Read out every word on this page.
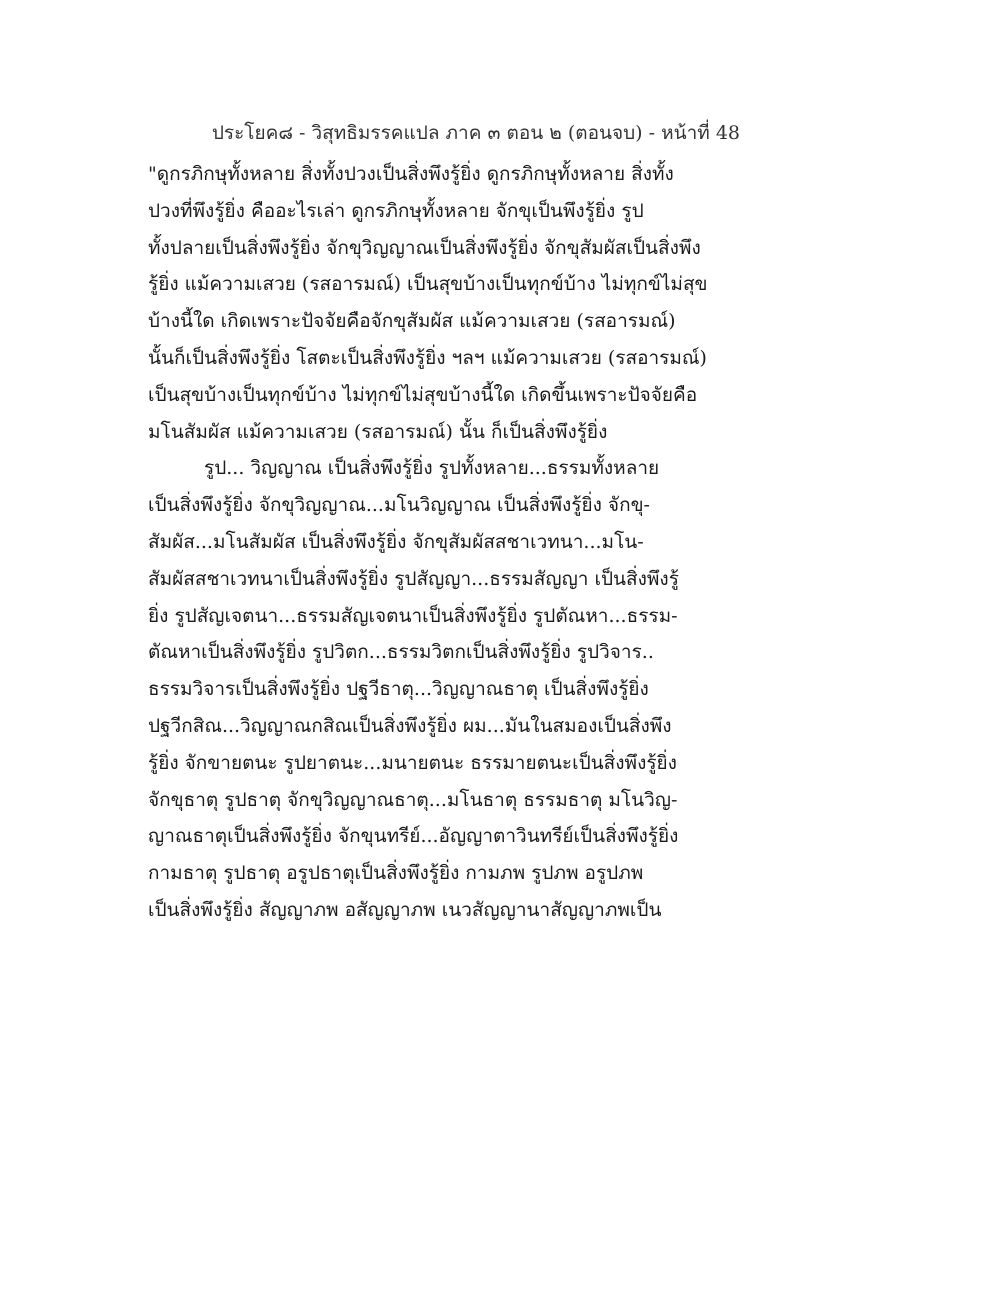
ประโยค๘ - วิสุทธิมรรคแปล ภาค ๓ ตอน ๒ (ตอนจบ) - หน้าที่ 48
"ดูกรภิกษุทั้งหลาย สิ่งทั้งปวงเป็นสิ่งพึงรู้ยิ่ง ดูกรภิกษุทั้งหลาย สิ่งทั้ง
ปวงที่พึงรู้ยิ่ง คืออะไรเล่า ดูกรภิกษุทั้งหลาย จักขุเป็นพึงรู้ยิ่ง รูป
ทั้งปลายเป็นสิ่งพึงรู้ยิ่ง จักขุวิญญาณเป็นสิ่งพึงรู้ยิ่ง จักขุสัมผัสเป็นสิ่งพึง
รู้ยิ่ง แม้ความเสวย (รสอารมณ์) เป็นสุขบ้างเป็นทุกข์บ้าง ไม่ทุกข์ไม่สุข
บ้างนี้ใด เกิดเพราะปัจจัยคือจักขุสัมผัส แม้ความเสวย (รสอารมณ์)
นั้นก็เป็นสิ่งพึงรู้ยิ่ง โสตะเป็นสิ่งพึงรู้ยิ่ง ฯลฯ แม้ความเสวย (รสอารมณ์)
เป็นสุขบ้างเป็นทุกข์บ้าง ไม่ทุกข์ไม่สุขบ้างนี้ใด เกิดขึ้นเพราะปัจจัยคือ
มโนสัมผัส แม้ความเสวย (รสอารมณ์) นั้น ก็เป็นสิ่งพึงรู้ยิ่ง
รูป... วิญญาณ เป็นสิ่งพึงรู้ยิ่ง รูปทั้งหลาย...ธรรมทั้งหลาย
เป็นสิ่งพึงรู้ยิ่ง จักขุวิญญาณ...มโนวิญญาณ เป็นสิ่งพึงรู้ยิ่ง จักขุ-
สัมผัส...มโนสัมผัส เป็นสิ่งพึงรู้ยิ่ง จักขุสัมผัสสชาเวทนา...มโน-
สัมผัสสชาเวทนาเป็นสิ่งพึงรู้ยิ่ง รูปสัญญา...ธรรมสัญญา เป็นสิ่งพึงรู้
ยิ่ง รูปสัญเจตนา...ธรรมสัญเจตนาเป็นสิ่งพึงรู้ยิ่ง รูปตัณหา...ธรรม-
ตัณหาเป็นสิ่งพึงรู้ยิ่ง รูปวิตก...ธรรมวิตกเป็นสิ่งพึงรู้ยิ่ง รูปวิจาร..
ธรรมวิจารเป็นสิ่งพึงรู้ยิ่ง ปฐวีธาตุ...วิญญาณธาตุ เป็นสิ่งพึงรู้ยิ่ง
ปฐวีกสิณ...วิญญาณกสิณเป็นสิ่งพึงรู้ยิ่ง ผม...มันในสมองเป็นสิ่งพึง
รู้ยิ่ง จักขายตนะ รูปยาตนะ...มนายตนะ ธรรมายตนะเป็นสิ่งพึงรู้ยิ่ง
จักขุธาตุ รูปธาตุ จักขุวิญญาณธาตุ...มโนธาตุ ธรรมธาตุ มโนวิญ-
ญาณธาตุเป็นสิ่งพึงรู้ยิ่ง จักขุนทรีย์...อัญญาตาวินทรีย์เป็นสิ่งพึงรู้ยิ่ง
กามธาตุ รูปธาตุ อรูปธาตุเป็นสิ่งพึงรู้ยิ่ง กามภพ รูปภพ อรูปภพ
เป็นสิ่งพึงรู้ยิ่ง สัญญาภพ อสัญญาภพ เนวสัญญานาสัญญาภพเป็น
